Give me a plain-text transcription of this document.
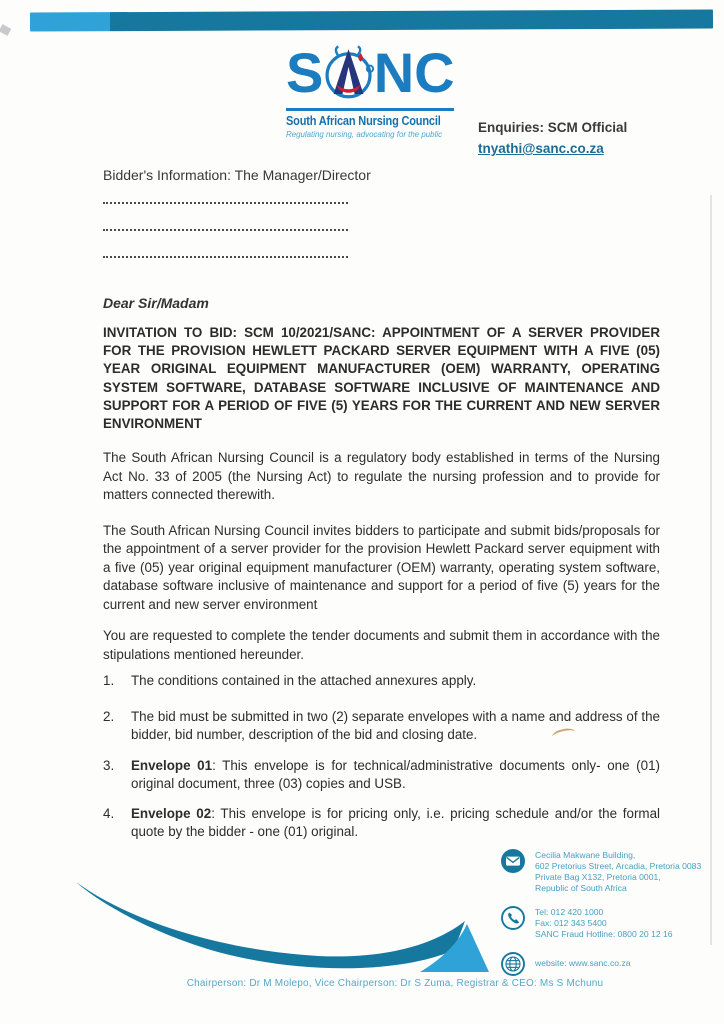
S NC
South African Nursing Council
Regulating nursing, advocating for the public	Enquiries: SCM Official
tnyathi@sanc.co.za
Bidder's Information: The Manager/Director
Dear Sir/Madam
INVITATION TO BID: SCM 10/2021/SANC: APPOINTMENT OF A SERVER PROVIDER FOR THE PROVISION HEWLETT PACKARD SERVER EQUIPMENT WITH A FIVE (05) YEAR ORIGINAL EQUIPMENT MANUFACTURER (OEM) WARRANTY, OPERATING SYSTEM SOFTWARE, DATABASE SOFTWARE INCLUSIVE OF MAINTENANCE AND SUPPORT FOR A PERIOD OF FIVE (5) YEARS FOR THE CURRENT AND NEW SERVER ENVIRONMENT
The South African Nursing Council is a regulatory body established in terms of the Nursing Act No. 33 of 2005 (the Nursing Act) to regulate the nursing profession and to provide for matters connected therewith.
The South African Nursing Council invites bidders to participate and submit bids/proposals for the appointment of a server provider for the provision Hewlett Packard server equipment with a five (05) year original equipment manufacturer (OEM) warranty, operating system software, database software inclusive of maintenance and support for a period of five (5) years for the current and new server environment
You are requested to complete the tender documents and submit them in accordance with the stipulations mentioned hereunder.
1.	The conditions contained in the attached annexures apply.
2.	The bid must be submitted in two (2) separate envelopes with a name and address of the bidder, bid number, description of the bid and closing date.
3.	Envelope 01: This envelope is for technical/administrative documents only- one (01) original document, three (03) copies and USB.
4.	Envelope 02: This envelope is for pricing only, i.e. pricing schedule and/or the formal quote by the bidder - one (01) original.
Cecilia Makwane Building,
602 Pretorius Street, Arcadia, Pretoria 0083
Private Bag X132, Pretoria 0001,
Republic of South Africa
Tel: 012 420 1000
Fax: 012 343 5400
SANC Fraud Hotline: 0800 20 12 16
website: www.sanc.co.za
Chairperson: Dr M Molepo, Vice Chairperson: Dr S Zuma, Registrar & CEO: Ms S Mchunu
